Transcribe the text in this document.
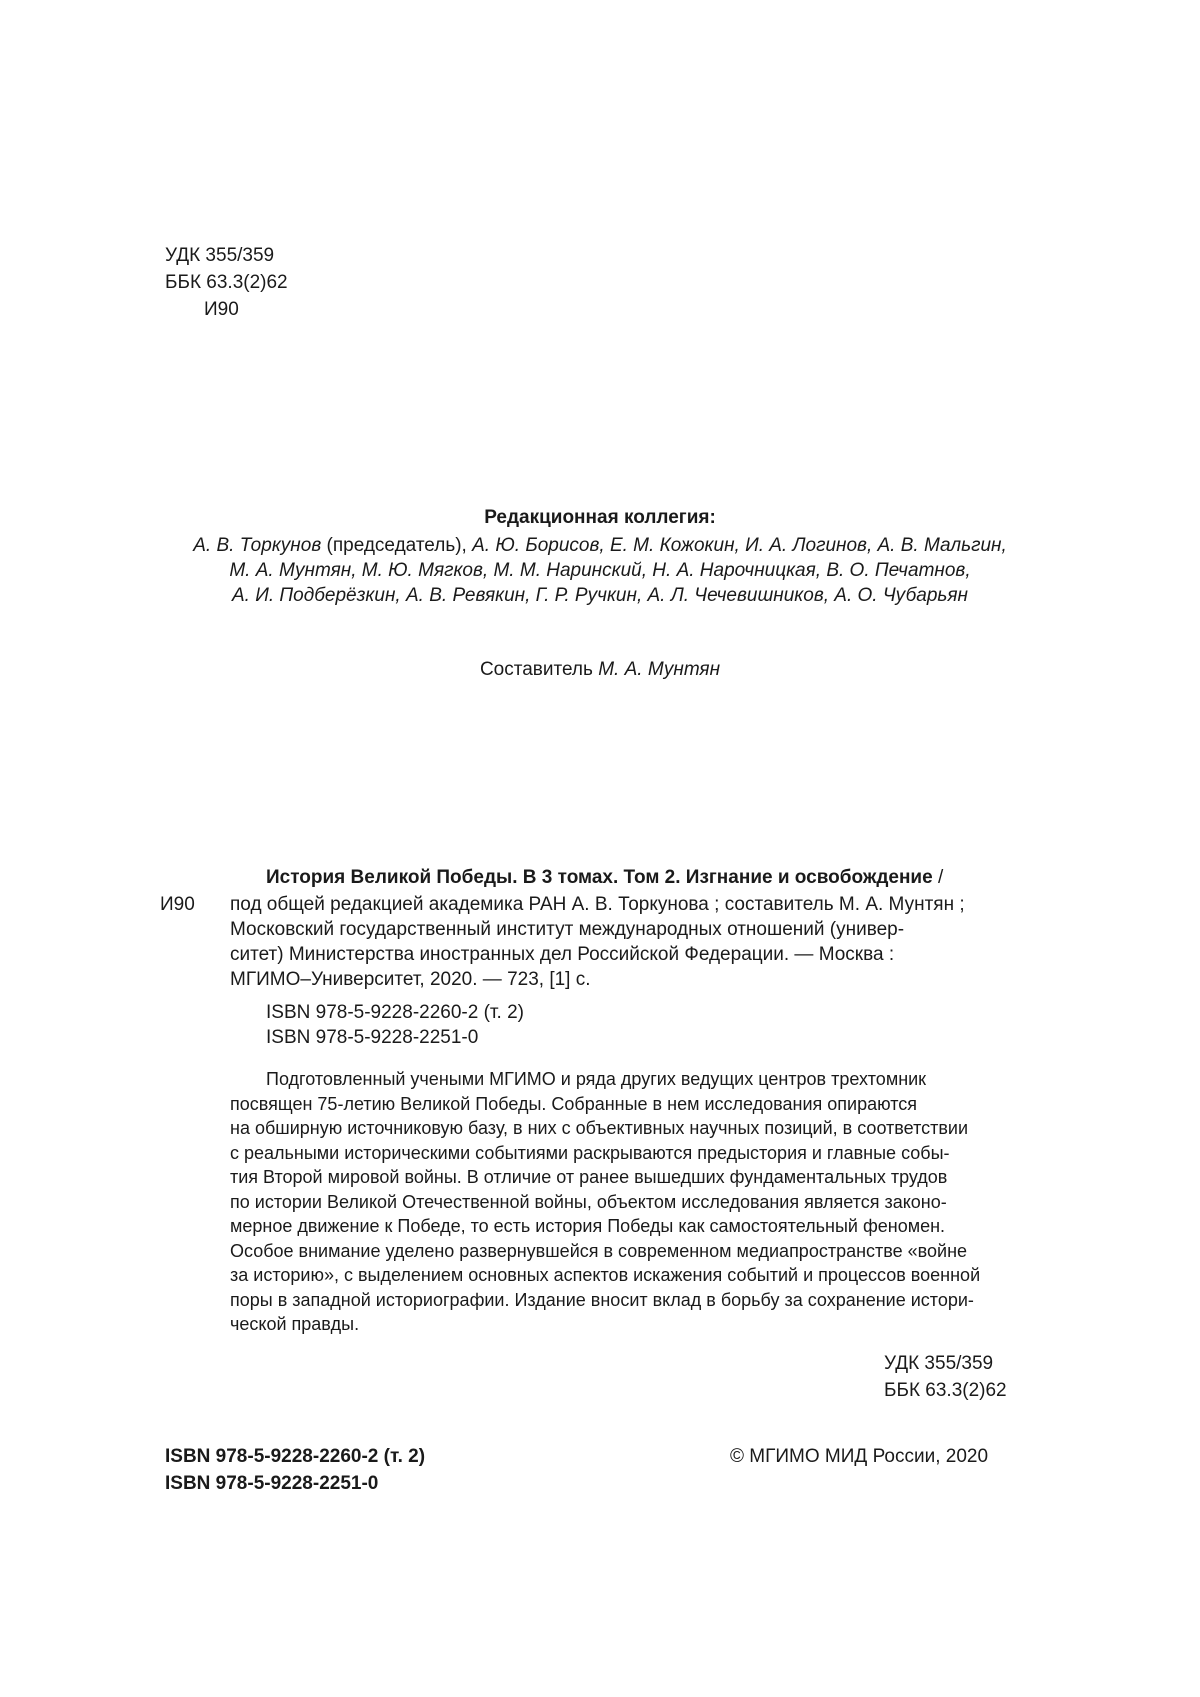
УДК 355/359
ББК 63.3(2)62
И90
Редакционная коллегия:
А. В. Торкунов (председатель), А. Ю. Борисов, Е. М. Кожокин, И. А. Логинов, А. В. Мальгин,
М. А. Мунтян, М. Ю. Мягков, М. М. Наринский, Н. А. Нарочницкая, В. О. Печатнов,
А. И. Подберёзкин, А. В. Ревякин, Г. Р. Ручкин, А. Л. Чечевишников, А. О. Чубарьян
Составитель М. А. Мунтян
И90
История Великой Победы. В 3 томах. Том 2. Изгнание и освобождение /
под общей редакцией академика РАН А. В. Торкунова ; составитель М. А. Мунтян ;
Московский государственный институт международных отношений (универ-
ситет) Министерства иностранных дел Российской Федерации. — Москва :
МГИМО–Университет, 2020. — 723, [1] с.
ISBN 978-5-9228-2260-2 (т. 2)
ISBN 978-5-9228-2251-0
Подготовленный учеными МГИМО и ряда других ведущих центров трехтомник
посвящен 75-летию Великой Победы. Собранные в нем исследования опираются
на обширную источниковую базу, в них с объективных научных позиций, в соответствии
с реальными историческими событиями раскрываются предыстория и главные собы-
тия Второй мировой войны. В отличие от ранее вышедших фундаментальных трудов
по истории Великой Отечественной войны, объектом исследования является законо-
мерное движение к Победе, то есть история Победы как самостоятельный феномен.
Особое внимание уделено развернувшейся в современном медиапространстве «войне
за историю», с выделением основных аспектов искажения событий и процессов военной
поры в западной историографии. Издание вносит вклад в борьбу за сохранение истори-
ческой правды.
УДК 355/359
ББК 63.3(2)62
ISBN 978-5-9228-2260-2 (т. 2)
ISBN 978-5-9228-2251-0
© МГИМО МИД России, 2020
